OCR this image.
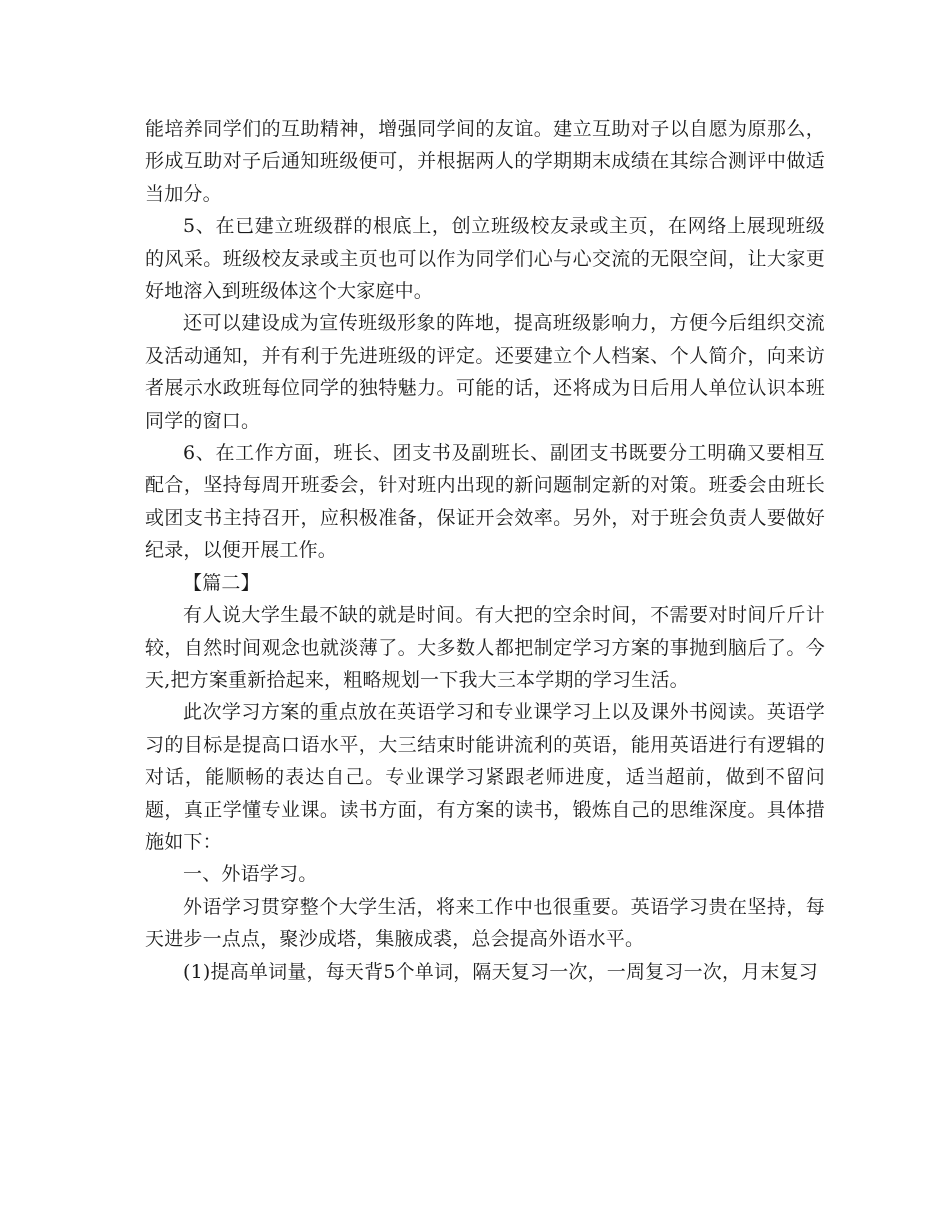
能培养同学们的互助精神，增强同学间的友谊。建立互助对子以自愿为原那么，形成互助对子后通知班级便可，并根据两人的学期期末成绩在其综合测评中做适当加分。

5、在已建立班级群的根底上，创立班级校友录或主页，在网络上展现班级的风采。班级校友录或主页也可以作为同学们心与心交流的无限空间，让大家更好地溶入到班级体这个大家庭中。

还可以建设成为宣传班级形象的阵地，提高班级影响力，方便今后组织交流及活动通知，并有利于先进班级的评定。还要建立个人档案、个人简介，向来访者展示水政班每位同学的独特魅力。可能的话，还将成为日后用人单位认识本班同学的窗口。

6、在工作方面，班长、团支书及副班长、副团支书既要分工明确又要相互配合，坚持每周开班委会，针对班内出现的新问题制定新的对策。班委会由班长或团支书主持召开，应积极准备，保证开会效率。另外，对于班会负责人要做好纪录，以便开展工作。

【篇二】

有人说大学生最不缺的就是时间。有大把的空余时间，不需要对时间斤斤计较，自然时间观念也就淡薄了。大多数人都把制定学习方案的事抛到脑后了。今天,把方案重新拾起来，粗略规划一下我大三本学期的学习生活。

此次学习方案的重点放在英语学习和专业课学习上以及课外书阅读。英语学习的目标是提高口语水平，大三结束时能讲流利的英语，能用英语进行有逻辑的对话，能顺畅的表达自己。专业课学习紧跟老师进度，适当超前，做到不留问题，真正学懂专业课。读书方面，有方案的读书，锻炼自己的思维深度。具体措施如下：

一、外语学习。

外语学习贯穿整个大学生活，将来工作中也很重要。英语学习贵在坚持，每天进步一点点，聚沙成塔，集腋成裘，总会提高外语水平。

(1)提高单词量，每天背5个单词，隔天复习一次，一周复习一次，月末复习
